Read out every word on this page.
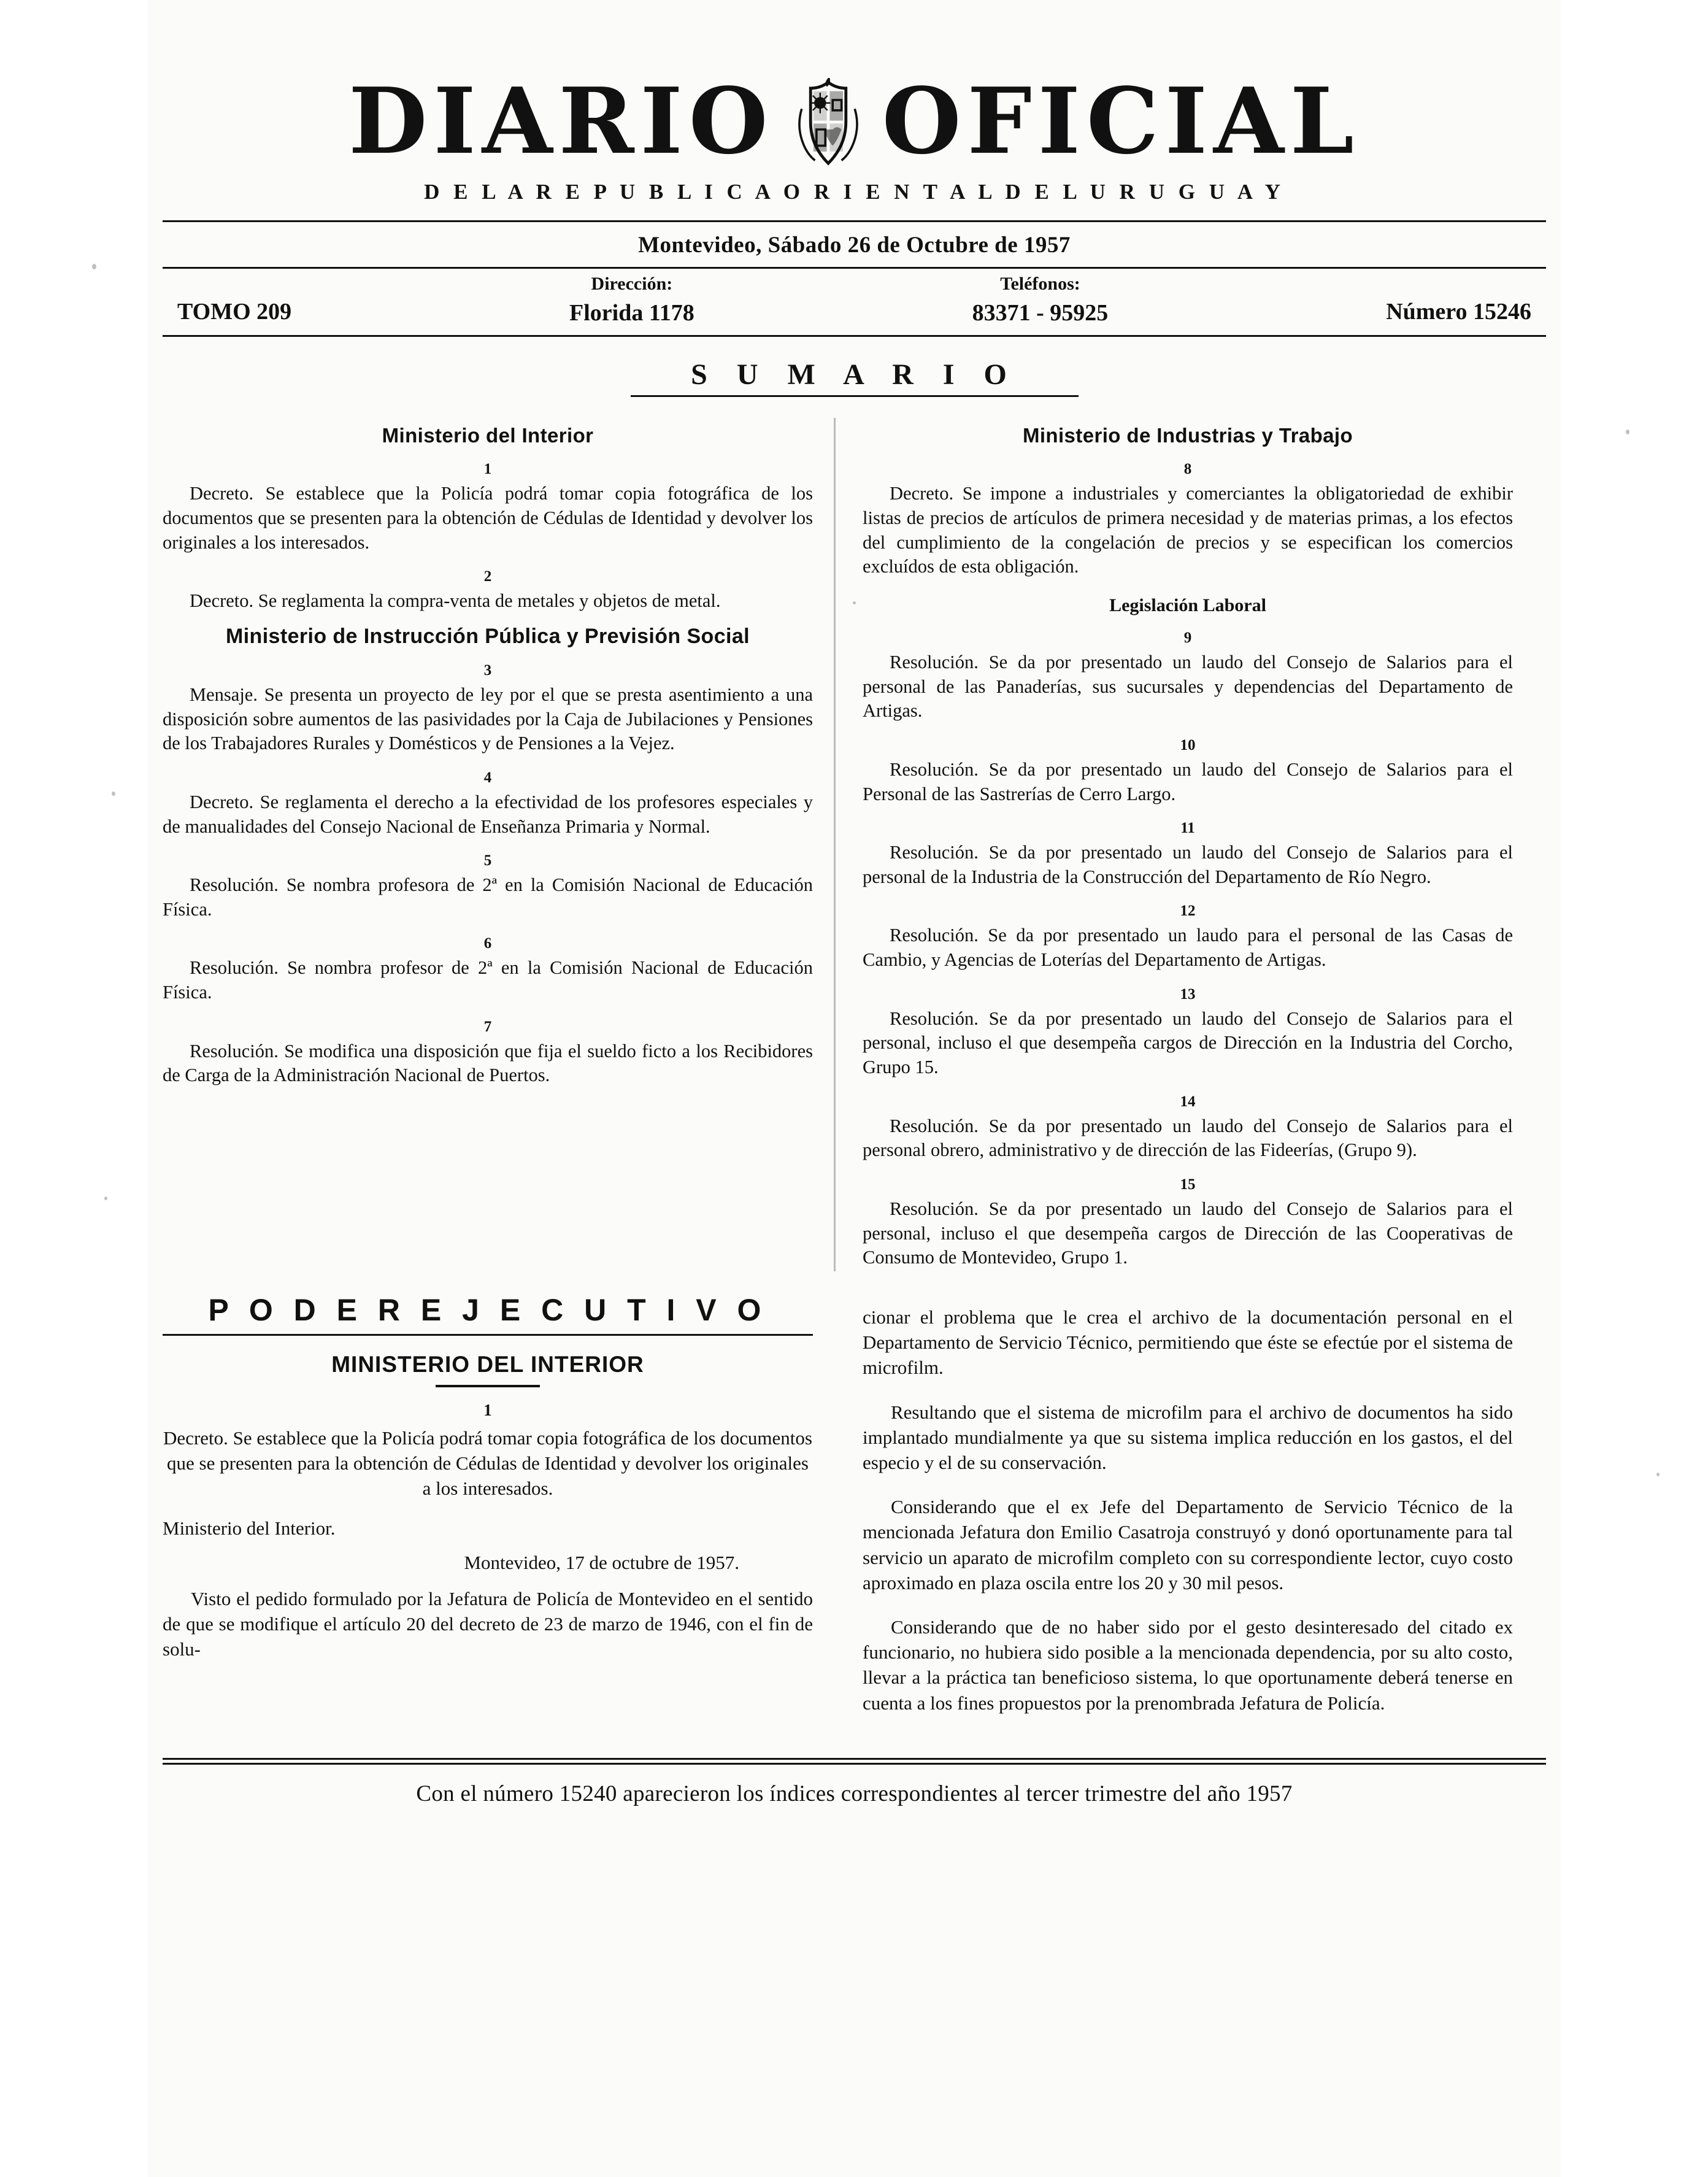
DIARIO OFICIAL
D E L A R E P U B L I C A O R I E N T A L D E L U R U G U A Y
Montevideo, Sábado 26 de Octubre de 1957
TOMO 209
Dirección:
Florida 1178
Teléfonos:
83371 - 95925	Número 15246
S U M A R I O
Ministerio del Interior
1

Decreto. Se establece que la Policía podrá tomar copia fotográfica de los documentos que se presenten para la obtención de Cédulas de Identidad y devolver los originales a los interesados.

2

Decreto. Se reglamenta la compra-venta de metales y objetos de metal.

Ministerio de Instrucción Pública y Previsión Social
3

Mensaje. Se presenta un proyecto de ley por el que se presta asentimiento a una disposición sobre aumentos de las pasividades por la Caja de Jubilaciones y Pensiones de los Trabajadores Rurales y Domésticos y de Pensiones a la Vejez.

4

Decreto. Se reglamenta el derecho a la efectividad de los profesores especiales y de manualidades del Consejo Nacional de Enseñanza Primaria y Normal.

5

Resolución. Se nombra profesora de 2ª en la Comisión Nacional de Educación Física.

6

Resolución. Se nombra profesor de 2ª en la Comisión Nacional de Educación Física.

7

Resolución. Se modifica una disposición que fija el sueldo ficto a los Recibidores de Carga de la Administración Nacional de Puertos.

Ministerio de Industrias y Trabajo
8

Decreto. Se impone a industriales y comerciantes la obligatoriedad de exhibir listas de precios de artículos de primera necesidad y de materias primas, a los efectos del cumplimiento de la congelación de precios y se especifican los comercios excluídos de esta obligación.

Legislación Laboral
9

Resolución. Se da por presentado un laudo del Consejo de Salarios para el personal de las Panaderías, sus sucursales y dependencias del Departamento de Artigas.

10

Resolución. Se da por presentado un laudo del Consejo de Salarios para el Personal de las Sastrerías de Cerro Largo.

11

Resolución. Se da por presentado un laudo del Consejo de Salarios para el personal de la Industria de la Construcción del Departamento de Río Negro.

12

Resolución. Se da por presentado un laudo para el personal de las Casas de Cambio, y Agencias de Loterías del Departamento de Artigas.

13

Resolución. Se da por presentado un laudo del Consejo de Salarios para el personal, incluso el que desempeña cargos de Dirección en la Industria del Corcho, Grupo 15.

14

Resolución. Se da por presentado un laudo del Consejo de Salarios para el personal obrero, administrativo y de dirección de las Fideerías, (Grupo 9).

15

Resolución. Se da por presentado un laudo del Consejo de Salarios para el personal, incluso el que desempeña cargos de Dirección de las Cooperativas de Consumo de Montevideo, Grupo 1.

P O D E R E J E C U T I V O
MINISTERIO DEL INTERIOR
1
Decreto. Se establece que la Policía podrá tomar copia fotográfica de los documentos que se presenten para la obtención de Cédulas de Identidad y devolver los originales a los interesados.
Ministerio del Interior.
Montevideo, 17 de octubre de 1957.

Visto el pedido formulado por la Jefatura de Policía de Montevideo en el sentido de que se modifique el artículo 20 del decreto de 23 de marzo de 1946, con el fin de solu-

cionar el problema que le crea el archivo de la documentación personal en el Departamento de Servicio Técnico, permitiendo que éste se efectúe por el sistema de microfilm.

Resultando que el sistema de microfilm para el archivo de documentos ha sido implantado mundialmente ya que su sistema implica reducción en los gastos, el del especio y el de su conservación.

Considerando que el ex Jefe del Departamento de Servicio Técnico de la mencionada Jefatura don Emilio Casatroja construyó y donó oportunamente para tal servicio un aparato de microfilm completo con su correspondiente lector, cuyo costo aproximado en plaza oscila entre los 20 y 30 mil pesos.

Considerando que de no haber sido por el gesto desinteresado del citado ex funcionario, no hubiera sido posible a la mencionada dependencia, por su alto costo, llevar a la práctica tan beneficioso sistema, lo que oportunamente deberá tenerse en cuenta a los fines propuestos por la prenombrada Jefatura de Policía.

Con el número 15240 aparecieron los índices correspondientes al tercer trimestre del año 1957
